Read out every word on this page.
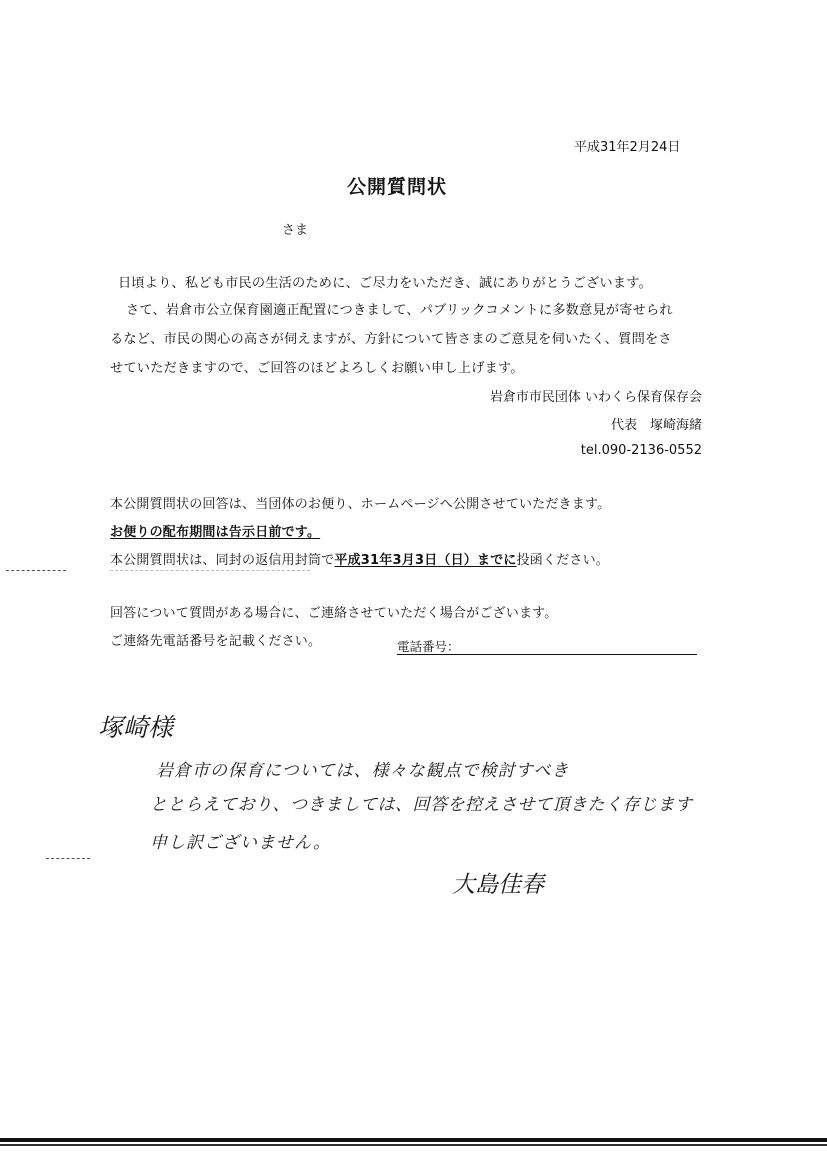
平成31年2月24日
公開質問状
さま
日頃より、私ども市民の生活のために、ご尽力をいただき、誠にありがとうございます。
さて、岩倉市公立保育園適正配置につきまして、パブリックコメントに多数意見が寄せられ
るなど、市民の関心の高さが伺えますが、方針について皆さまのご意見を伺いたく、質問をさ
せていただきますので、ご回答のほどよろしくお願い申し上げます。
岩倉市市民団体 いわくら保育保存会
代表　塚崎海緒
tel.090-2136-0552
本公開質問状の回答は、当団体のお便り、ホームページへ公開させていただきます。
お便りの配布期間は告示日前です。
本公開質問状は、同封の返信用封筒で平成31年3月3日（日）までに投函ください。
回答について質問がある場合に、ご連絡させていただく場合がございます。
ご連絡先電話番号を記載ください。	電話番号：
塚崎様
岩倉市の保育については、様々な観点で検討すべき
ととらえており、つきましては、回答を控えさせて頂きたく存じます
申し訳ございません。
大島佳春
